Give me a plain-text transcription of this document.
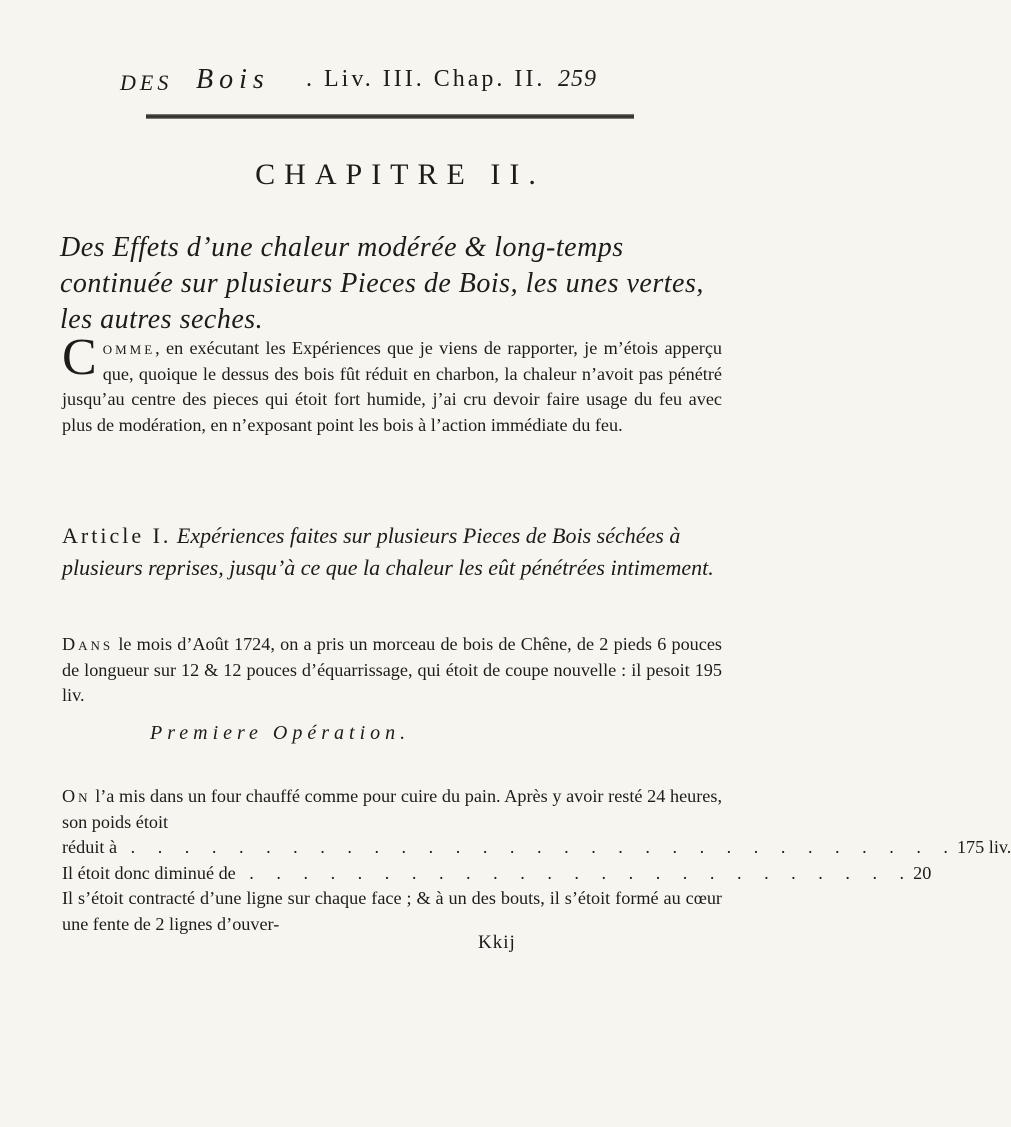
DES Bois . Liv. III. Chap. II. 259
CHAPITRE II.
Des Effets d’une chaleur modérée & long-temps continuée sur plusieurs Pieces de Bois, les unes vertes, les autres seches.
Comme, en exécutant les Expériences que je viens de rapporter, je m’étois apperçu que, quoique le dessus des bois fût réduit en charbon, la chaleur n’avoit pas pénétré jusqu’au centre des pieces qui étoit fort humide, j’ai cru devoir faire usage du feu avec plus de modération, en n’exposant point les bois à l’action immédiate du feu.
Article I. Expériences faites sur plusieurs Pieces de Bois séchées à plusieurs reprises, jusqu’à ce que la chaleur les eût pénétrées intimement.
Dans le mois d’Août 1724, on a pris un morceau de bois de Chêne, de 2 pieds 6 pouces de longueur sur 12 & 12 pouces d’équarrissage, qui étoit de coupe nouvelle : il pesoit 195 liv.
Premiere Opération.
On l’a mis dans un four chauffé comme pour cuire du pain. Après y avoir resté 24 heures, son poids étoit
réduit à . . . . . . . . . . . . . . . . . . . . . . . . . . . . . . . 175 liv.
Il étoit donc diminué de . . . . . . . . . . . . . . . . . . . . . . . . . 20
Il s’étoit contracté d’une ligne sur chaque face ; & à un des bouts, il s’étoit formé au cœur une fente de 2 lignes d’ouver-
Kkij
